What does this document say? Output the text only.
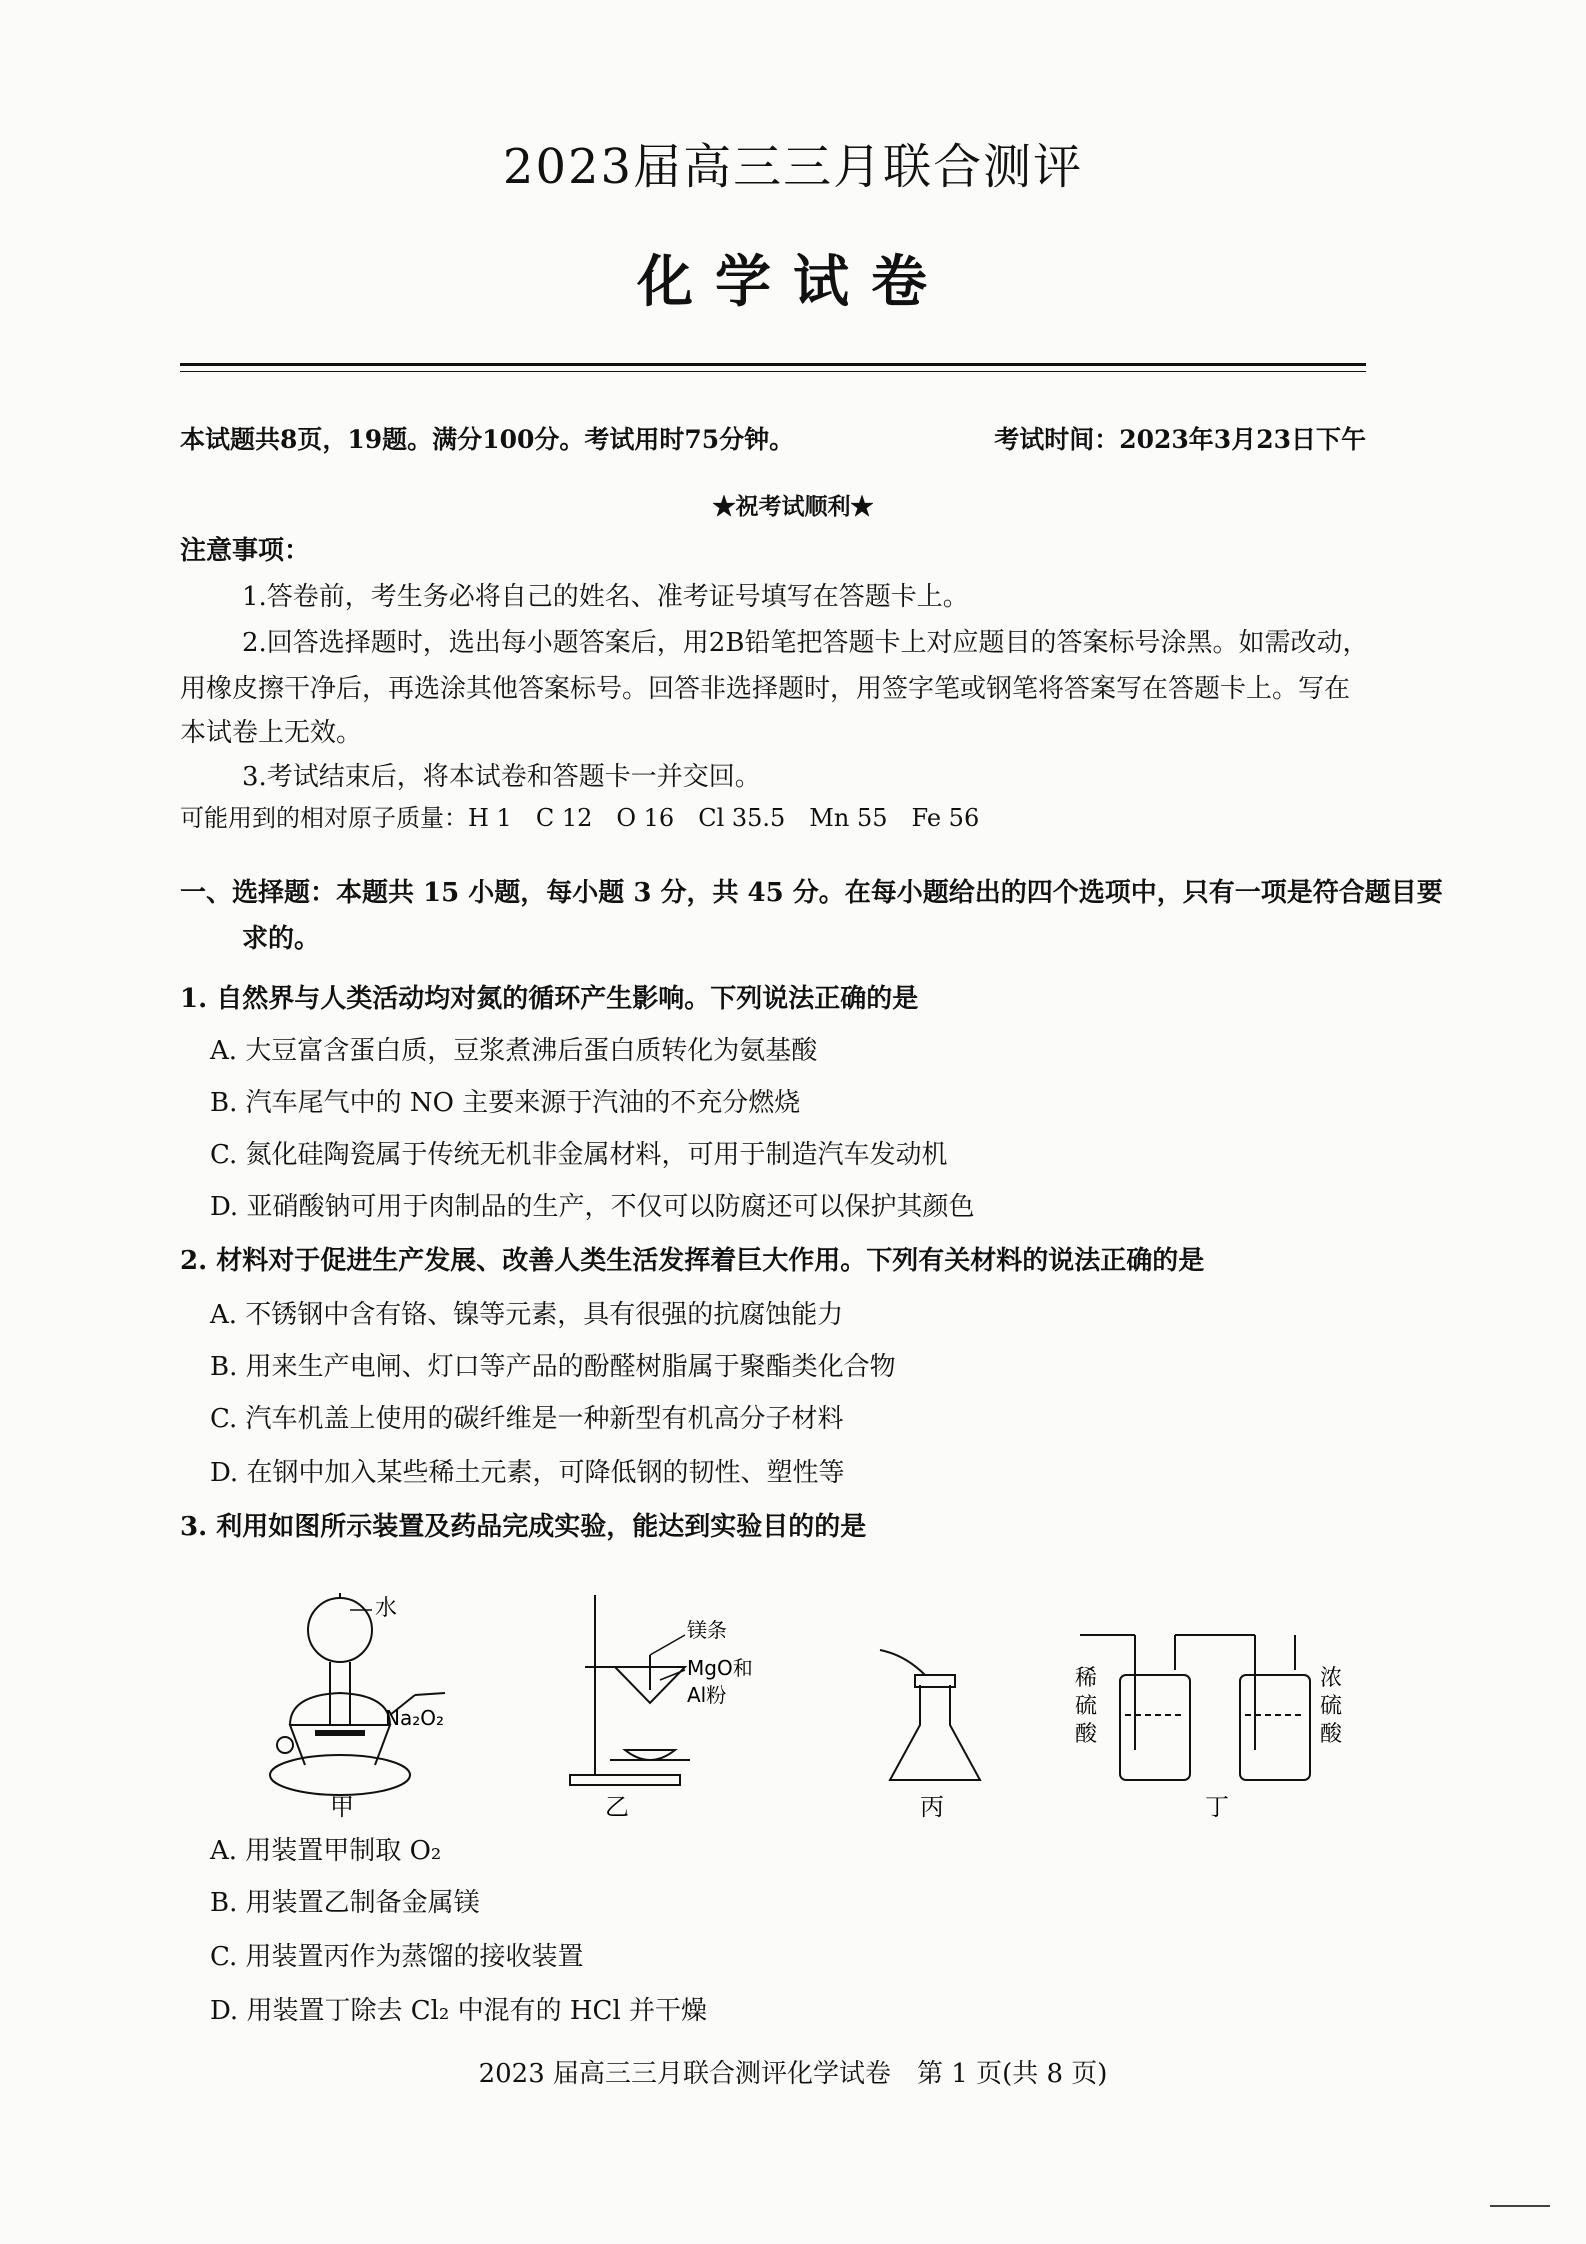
2023届高三三月联合测评
化学试卷
本试题共8页，19题。满分100分。考试用时75分钟。	考试时间：2023年3月23日下午
★祝考试顺利★
注意事项：
1.答卷前，考生务必将自己的姓名、准考证号填写在答题卡上。
2.回答选择题时，选出每小题答案后，用2B铅笔把答题卡上对应题目的答案标号涂黑。如需改动，
用橡皮擦干净后，再选涂其他答案标号。回答非选择题时，用签字笔或钢笔将答案写在答题卡上。写在
本试卷上无效。
3.考试结束后，将本试卷和答题卡一并交回。
可能用到的相对原子质量：H 1　C 12　O 16　Cl 35.5　Mn 55　Fe 56
一、选择题：本题共 15 小题，每小题 3 分，共 45 分。在每小题给出的四个选项中，只有一项是符合题目要
求的。
1. 自然界与人类活动均对氮的循环产生影响。下列说法正确的是
A. 大豆富含蛋白质，豆浆煮沸后蛋白质转化为氨基酸
B. 汽车尾气中的 NO 主要来源于汽油的不充分燃烧
C. 氮化硅陶瓷属于传统无机非金属材料，可用于制造汽车发动机
D. 亚硝酸钠可用于肉制品的生产，不仅可以防腐还可以保护其颜色
2. 材料对于促进生产发展、改善人类生活发挥着巨大作用。下列有关材料的说法正确的是
A. 不锈钢中含有铬、镍等元素，具有很强的抗腐蚀能力
B. 用来生产电闸、灯口等产品的酚醛树脂属于聚酯类化合物
C. 汽车机盖上使用的碳纤维是一种新型有机高分子材料
D. 在钢中加入某些稀土元素，可降低钢的韧性、塑性等
3. 利用如图所示装置及药品完成实验，能达到实验目的的是
水
Na₂O₂
甲
镁条
MgO和
Al粉
乙	丙
稀
硫
酸
浓
硫
酸
丁
A. 用装置甲制取 O₂
B. 用装置乙制备金属镁
C. 用装置丙作为蒸馏的接收装置
D. 用装置丁除去 Cl₂ 中混有的 HCl 并干燥
2023 届高三三月联合测评化学试卷　第 1 页(共 8 页)
